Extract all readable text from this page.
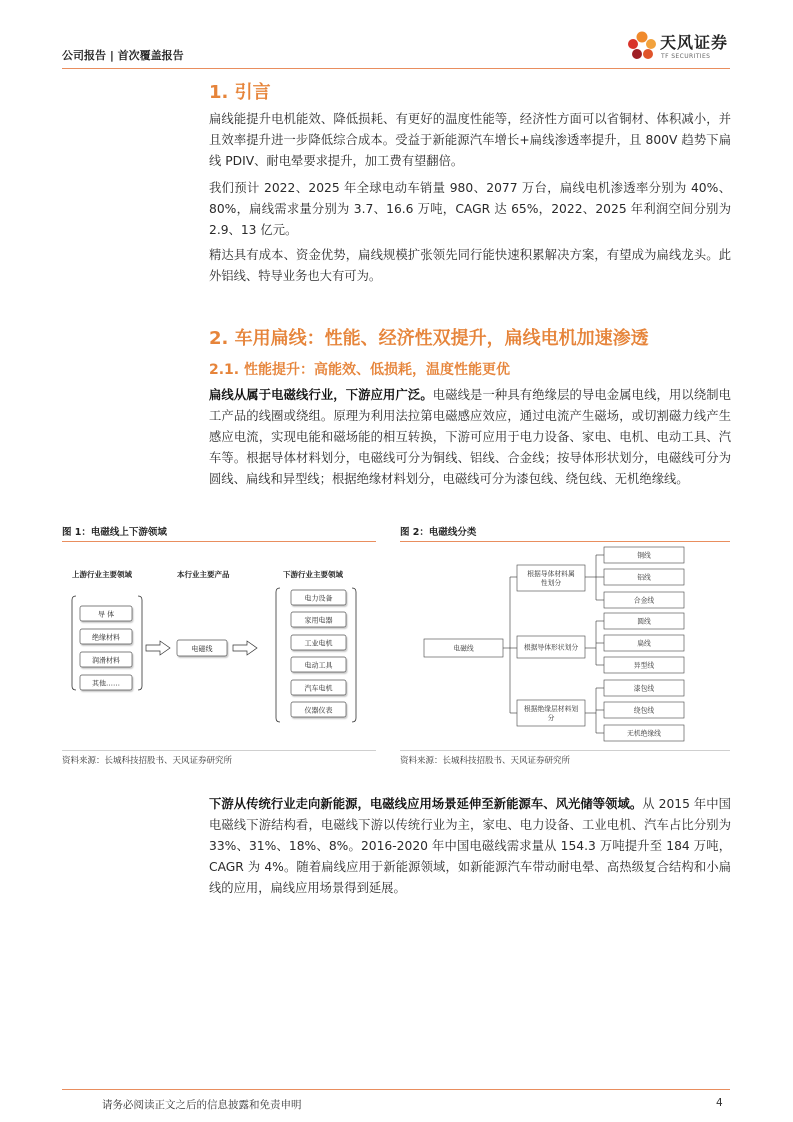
公司报告 | 首次覆盖报告
天风证券
TF SECURITIES
1. 引言
扁线能提升电机能效、降低损耗、有更好的温度性能等，经济性方面可以省铜材、体积减小，并且效率提升进一步降低综合成本。受益于新能源汽车增长+扁线渗透率提升，且 800V 趋势下扁线 PDIV、耐电晕要求提升，加工费有望翻倍。
我们预计 2022、2025 年全球电动车销量 980、2077 万台，扁线电机渗透率分别为 40%、80%，扁线需求量分别为 3.7、16.6 万吨，CAGR 达 65%，2022、2025 年利润空间分别为 2.9、13 亿元。
精达具有成本、资金优势，扁线规模扩张领先同行能快速积累解决方案，有望成为扁线龙头。此外铝线、特导业务也大有可为。
2. 车用扁线：性能、经济性双提升，扁线电机加速渗透
2.1. 性能提升：高能效、低损耗，温度性能更优
扁线从属于电磁线行业，下游应用广泛。电磁线是一种具有绝缘层的导电金属电线，用以绕制电工产品的线圈或绕组。原理为利用法拉第电磁感应效应，通过电流产生磁场，或切割磁力线产生感应电流，实现电能和磁场能的相互转换，下游可应用于电力设备、家电、电机、电动工具、汽车等。根据导体材料划分，电磁线可分为铜线、铝线、合金线；按导体形状划分，电磁线可分为圆线、扁线和异型线；根据绝缘材料划分，电磁线可分为漆包线、绕包线、无机绝缘线。
图 1：电磁线上下游领域
上游行业主要领域	本行业主要产品	下游行业主要领域
导 体
绝缘材料
润滑材料
其他……
电磁线
电力设备
家用电器
工业电机
电动工具
汽车电机
仪器仪表
资料来源：长城科技招股书、天风证券研究所
图 2：电磁线分类
电磁线
根据导体材料属
性划分
根据导体形状划分
根据绝缘层材料划
分
铜线
铝线
合金线
圆线
扁线
异型线
漆包线
绕包线
无机绝缘线
资料来源：长城科技招股书、天风证券研究所
下游从传统行业走向新能源，电磁线应用场景延伸至新能源车、风光储等领域。从 2015 年中国电磁线下游结构看，电磁线下游以传统行业为主，家电、电力设备、工业电机、汽车占比分别为 33%、31%、18%、8%。2016-2020 年中国电磁线需求量从 154.3 万吨提升至 184 万吨，CAGR 为 4%。随着扁线应用于新能源领域，如新能源汽车带动耐电晕、高热级复合结构和小扁线的应用，扁线应用场景得到延展。
请务必阅读正文之后的信息披露和免责申明	4
